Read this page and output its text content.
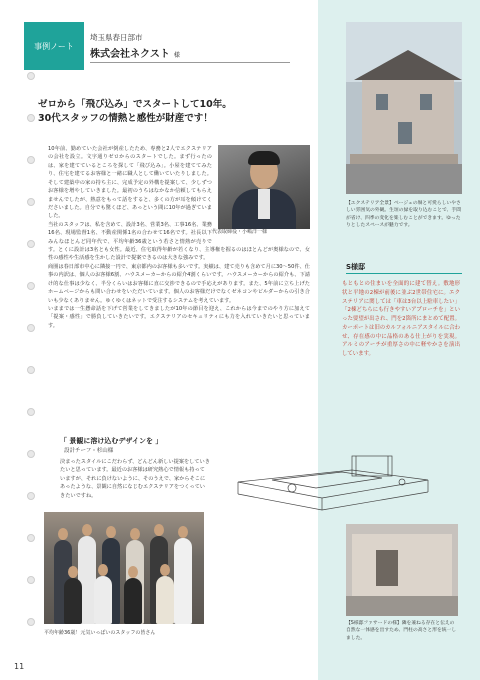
事例ノート
埼玉県春日部市
株式会社ネクスト 様
ゼロから「飛び込み」でスタートして10年。
30代スタッフの情熱と感性が財産です！

10年前、勤めていた会社が倒産したため、専務と2人でエクステリアの会社を設立。文字通りゼロからのスタートでした。まず行ったのは、家を建てているところを探して「飛び込み」。小屋を建ててみたり、住宅を建てるお客様と一緒に職人として働いていたりしました。そして建築中の家の持ち主に、完成予定の外構を提案して、少しずつお客様を増やしていきました。最初のうちはなかなか信頼してもらえませんでしたが、熱意をもって話をすると、多くの方が耳を傾けてくださいました。自分でも驚くほど、あっという間に10年が過ぎていました。

当社のスタッフは、私を含めて、設計3名、営業3名、工事16名、業務16名、現場監督1名、不動産関係1名の合わせて16名です。社長以下みんなほとんど同年代で、平均年齢36歳という若さと情熱が売りです。とくに設計は3名とも女性。最近、住宅取得年齢が若くなり、主導権を握るのはほとんどが奥様なので、女性の感性や生活感を生かした設計で提案できるのは大きな強みです。

商圏は春日部市中心に隣接一円で、東京都内のお客様も多いです。実績は、建て売りも含めて月に30〜50件、仕事の内訳は、個人のお客様6割、ハウスメーカーからの紹介4割くらいです。ハウスメーカーからの紹介も、下請け的な仕事は少なく、半分くらいはお客様に直に交渉できるので手応えがあります。また、5年前に立ち上げたホームページからも問い合わせをいただいています。個人のお客様だけでなくゼネコンやビルダーからの引き合いも少なくありません。ゆくゆくはネットで受注するシステムを考えています。

いままでは一生懸命話を下げて営業をしてきましたが10年の節目を迎え、これからは今までのやり方に加えて「提案・感性」で勝負していきたいです。エクステリアのセキュリティにも力を入れていきたいと思っています。

代表取締役・小嶋洋一様
「 景観に溶け込むデザインを 」
設計チーフ・杉山様

決まったスタイルにこだわらず、どんどん新しい提案をしていきたいと思っています。最近のお客様は研究熱心で情報も持っていますが、それに負けないように、そのうえで、家からそこにあったような、景観に自然になじむエクステリアをつくっていきたいですね。

平均年齢36歳！元気いっぱいのスタッフの皆さん
11

【エクステリア全景】ベージュの塀と可愛らしいやさしい雰囲気の外観。生垣の緑を取り込むことで、手間が省け、四季の変化を楽しむことができます。ゆったりとしたスペースが魅力です。

S様邸

もともとの住まいを全面的に建て替え。敷地形状と平地の2棟が前後に並ぶ2世帯住宅に。エクステリアに関しては「車は3台以上駐車したい」「2棟どちらにも行きやすいアプローチを」といった要望が出され、門を2箇所にまとめて配置。カーポートは旧のカルフォルニアスタイルに合わせ、存在感の中に品格のある仕上がりを実現。アルミのアーチが重厚さの中に軽やかさを演出しています。

【S様邸ファサードの様】隣を兼ねる存在と伝えの自然な一体感を出すため、門柱の高さと形を統一しました。
